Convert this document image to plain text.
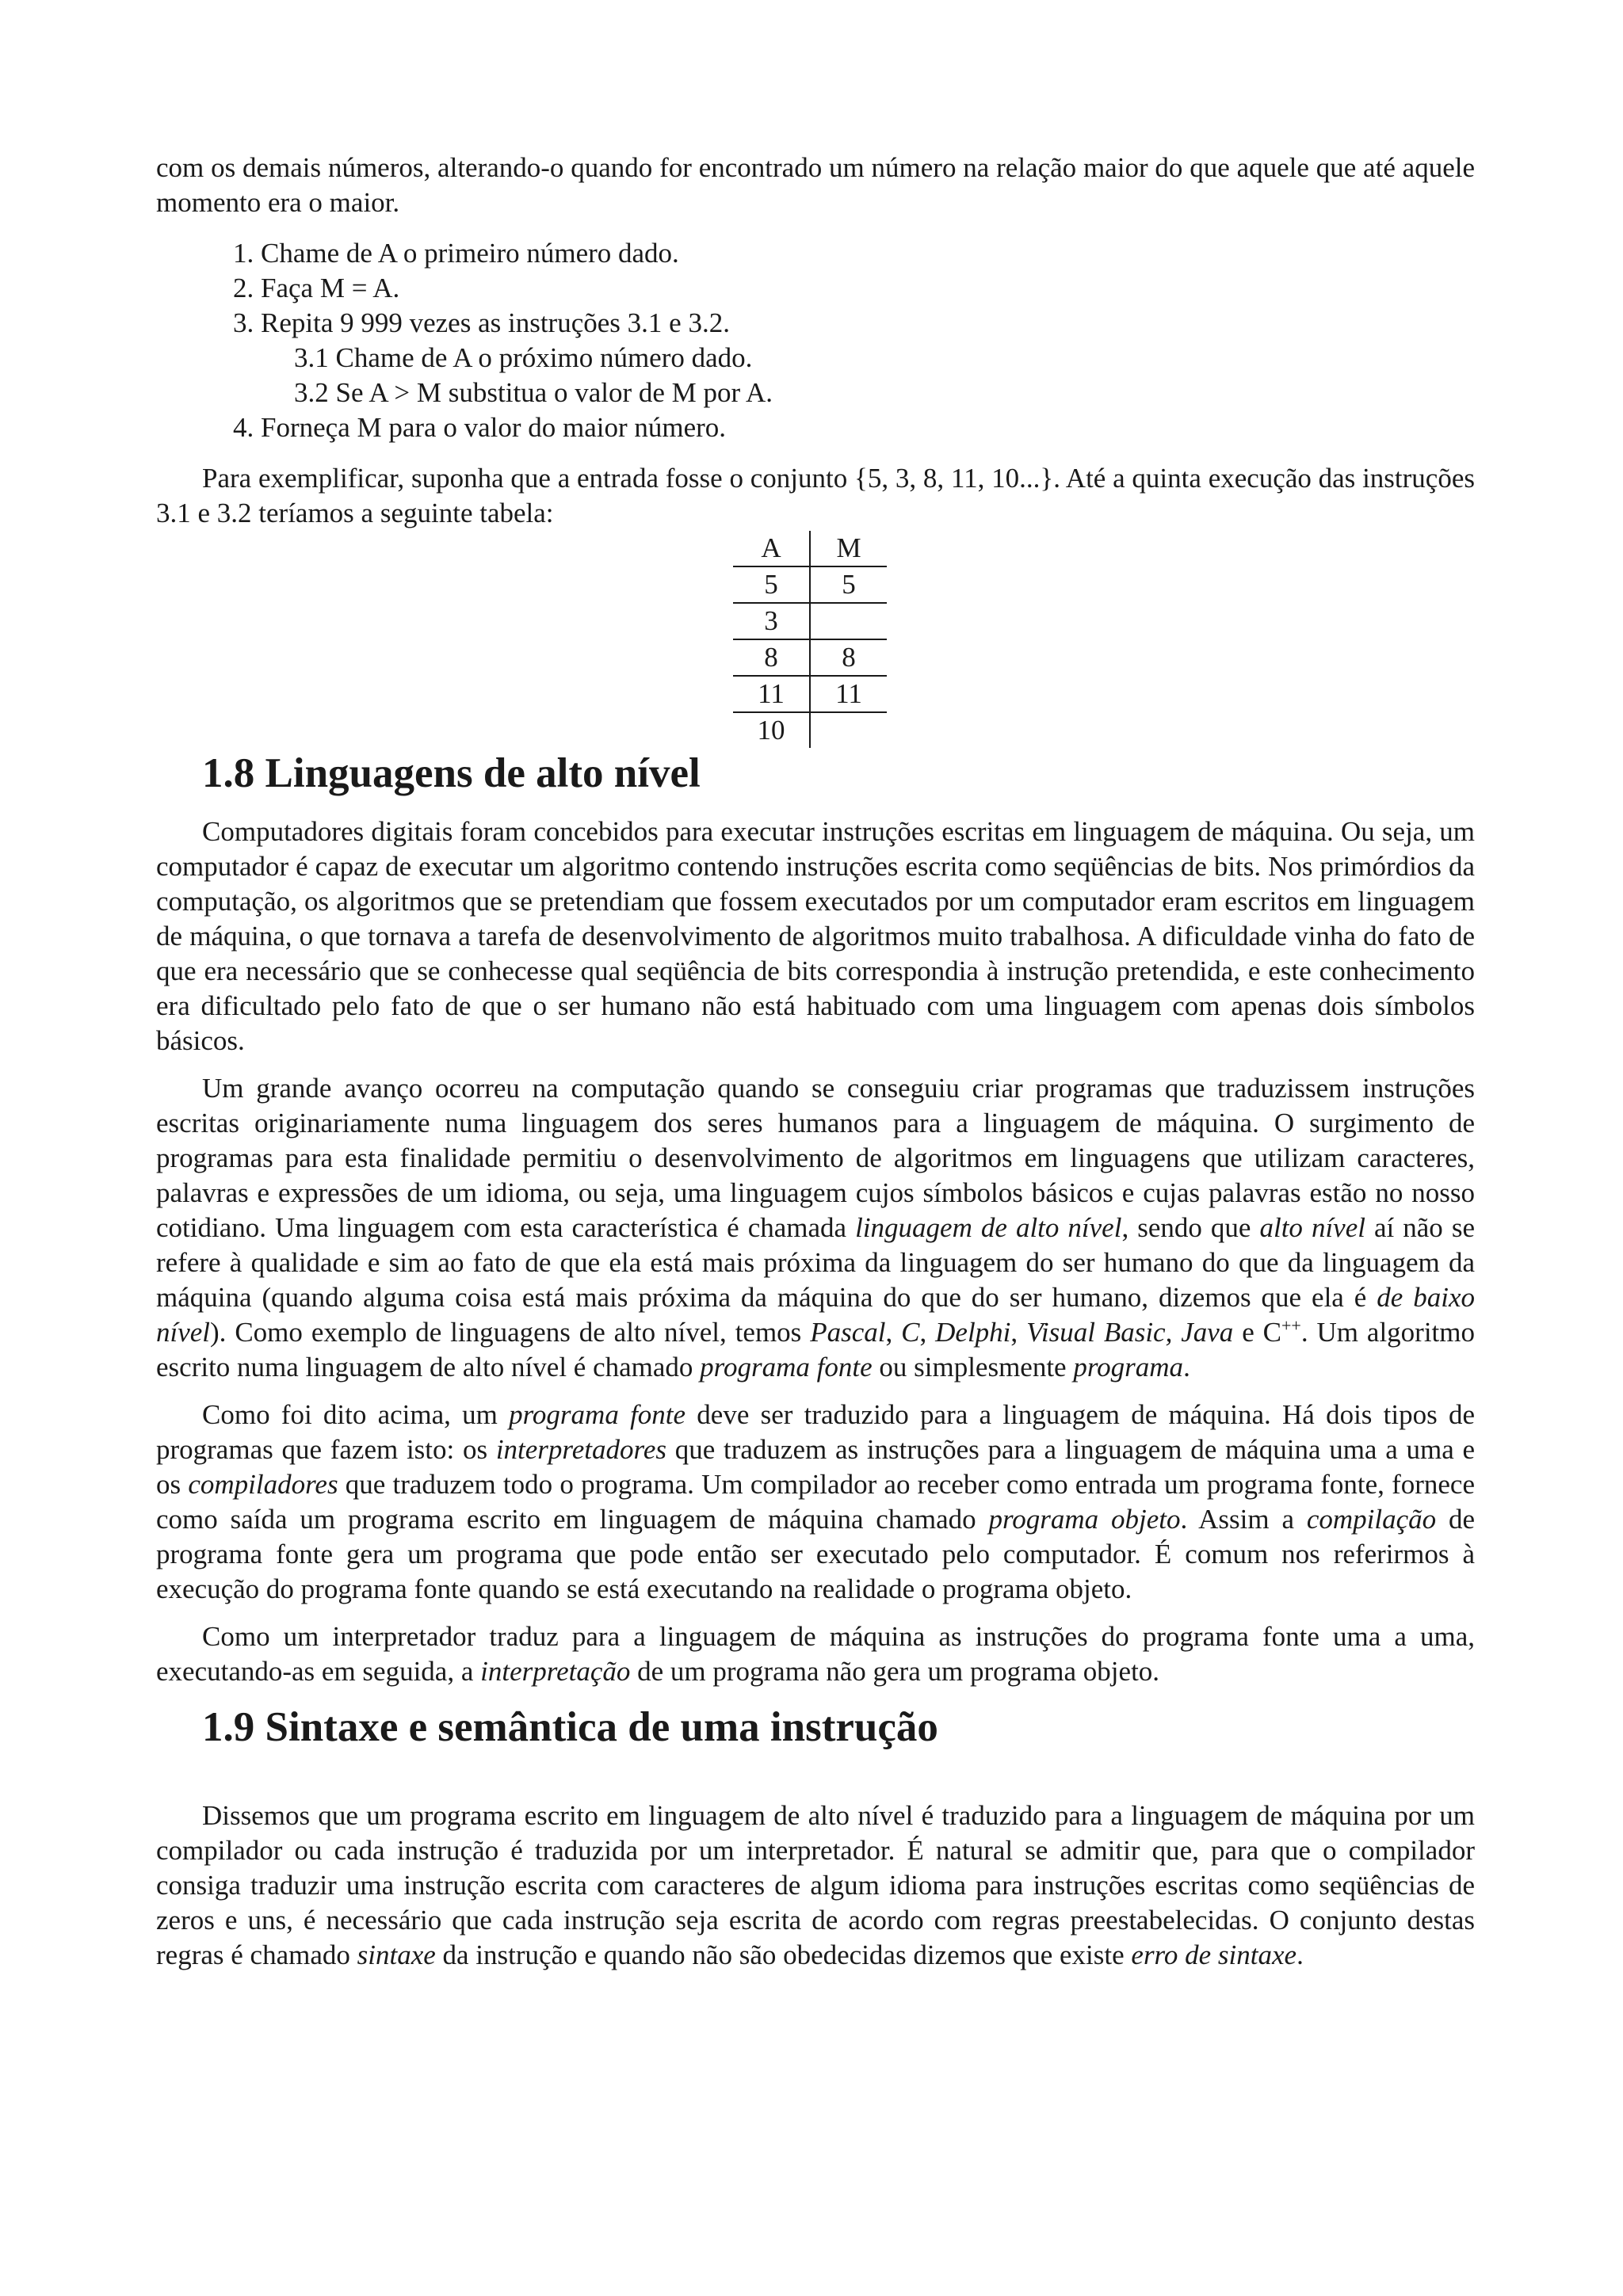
com os demais números, alterando-o quando for encontrado um número na relação maior do que aquele que até aquele momento era o maior.

1. Chame de A o primeiro número dado.
2. Faça M = A.
3. Repita 9 999 vezes as instruções 3.1 e 3.2.
3.1 Chame de A o próximo número dado.
3.2 Se A > M substitua o valor de M por A.
4. Forneça M para o valor do maior número.

Para exemplificar, suponha que a entrada fosse o conjunto {5, 3, 8, 11, 10...}. Até a quinta execução das instruções 3.1 e 3.2 teríamos a seguinte tabela:

A	M
5	5
3	
8	8
11	11
10	
1.8 Linguagens de alto nível

Computadores digitais foram concebidos para executar instruções escritas em linguagem de máquina. Ou seja, um computador é capaz de executar um algoritmo contendo instruções escrita como seqüências de bits. Nos primórdios da computação, os algoritmos que se pretendiam que fossem executados por um computador eram escritos em linguagem de máquina, o que tornava a tarefa de desenvolvimento de algoritmos muito trabalhosa. A dificuldade vinha do fato de que era necessário que se conhecesse qual seqüência de bits correspondia à instrução pretendida, e este conhecimento era dificultado pelo fato de que o ser humano não está habituado com uma linguagem com apenas dois símbolos básicos.

Um grande avanço ocorreu na computação quando se conseguiu criar programas que traduzissem instruções escritas originariamente numa linguagem dos seres humanos para a linguagem de máquina. O surgimento de programas para esta finalidade permitiu o desenvolvimento de algoritmos em linguagens que utilizam caracteres, palavras e expressões de um idioma, ou seja, uma linguagem cujos símbolos básicos e cujas palavras estão no nosso cotidiano. Uma linguagem com esta característica é chamada linguagem de alto nível, sendo que alto nível aí não se refere à qualidade e sim ao fato de que ela está mais próxima da linguagem do ser humano do que da linguagem da máquina (quando alguma coisa está mais próxima da máquina do que do ser humano, dizemos que ela é de baixo nível). Como exemplo de linguagens de alto nível, temos Pascal, C, Delphi, Visual Basic, Java e C++. Um algoritmo escrito numa linguagem de alto nível é chamado programa fonte ou simplesmente programa.

Como foi dito acima, um programa fonte deve ser traduzido para a linguagem de máquina. Há dois tipos de programas que fazem isto: os interpretadores que traduzem as instruções para a linguagem de máquina uma a uma e os compiladores que traduzem todo o programa. Um compilador ao receber como entrada um programa fonte, fornece como saída um programa escrito em linguagem de máquina chamado programa objeto. Assim a compilação de programa fonte gera um programa que pode então ser executado pelo computador. É comum nos referirmos à execução do programa fonte quando se está executando na realidade o programa objeto.

Como um interpretador traduz para a linguagem de máquina as instruções do programa fonte uma a uma, executando-as em seguida, a interpretação de um programa não gera um programa objeto.

1.9 Sintaxe e semântica de uma instrução

Dissemos que um programa escrito em linguagem de alto nível é traduzido para a linguagem de máquina por um compilador ou cada instrução é traduzida por um interpretador. É natural se admitir que, para que o compilador consiga traduzir uma instrução escrita com caracteres de algum idioma para instruções escritas como seqüências de zeros e uns, é necessário que cada instrução seja escrita de acordo com regras preestabelecidas. O conjunto destas regras é chamado sintaxe da instrução e quando não são obedecidas dizemos que existe erro de sintaxe.
